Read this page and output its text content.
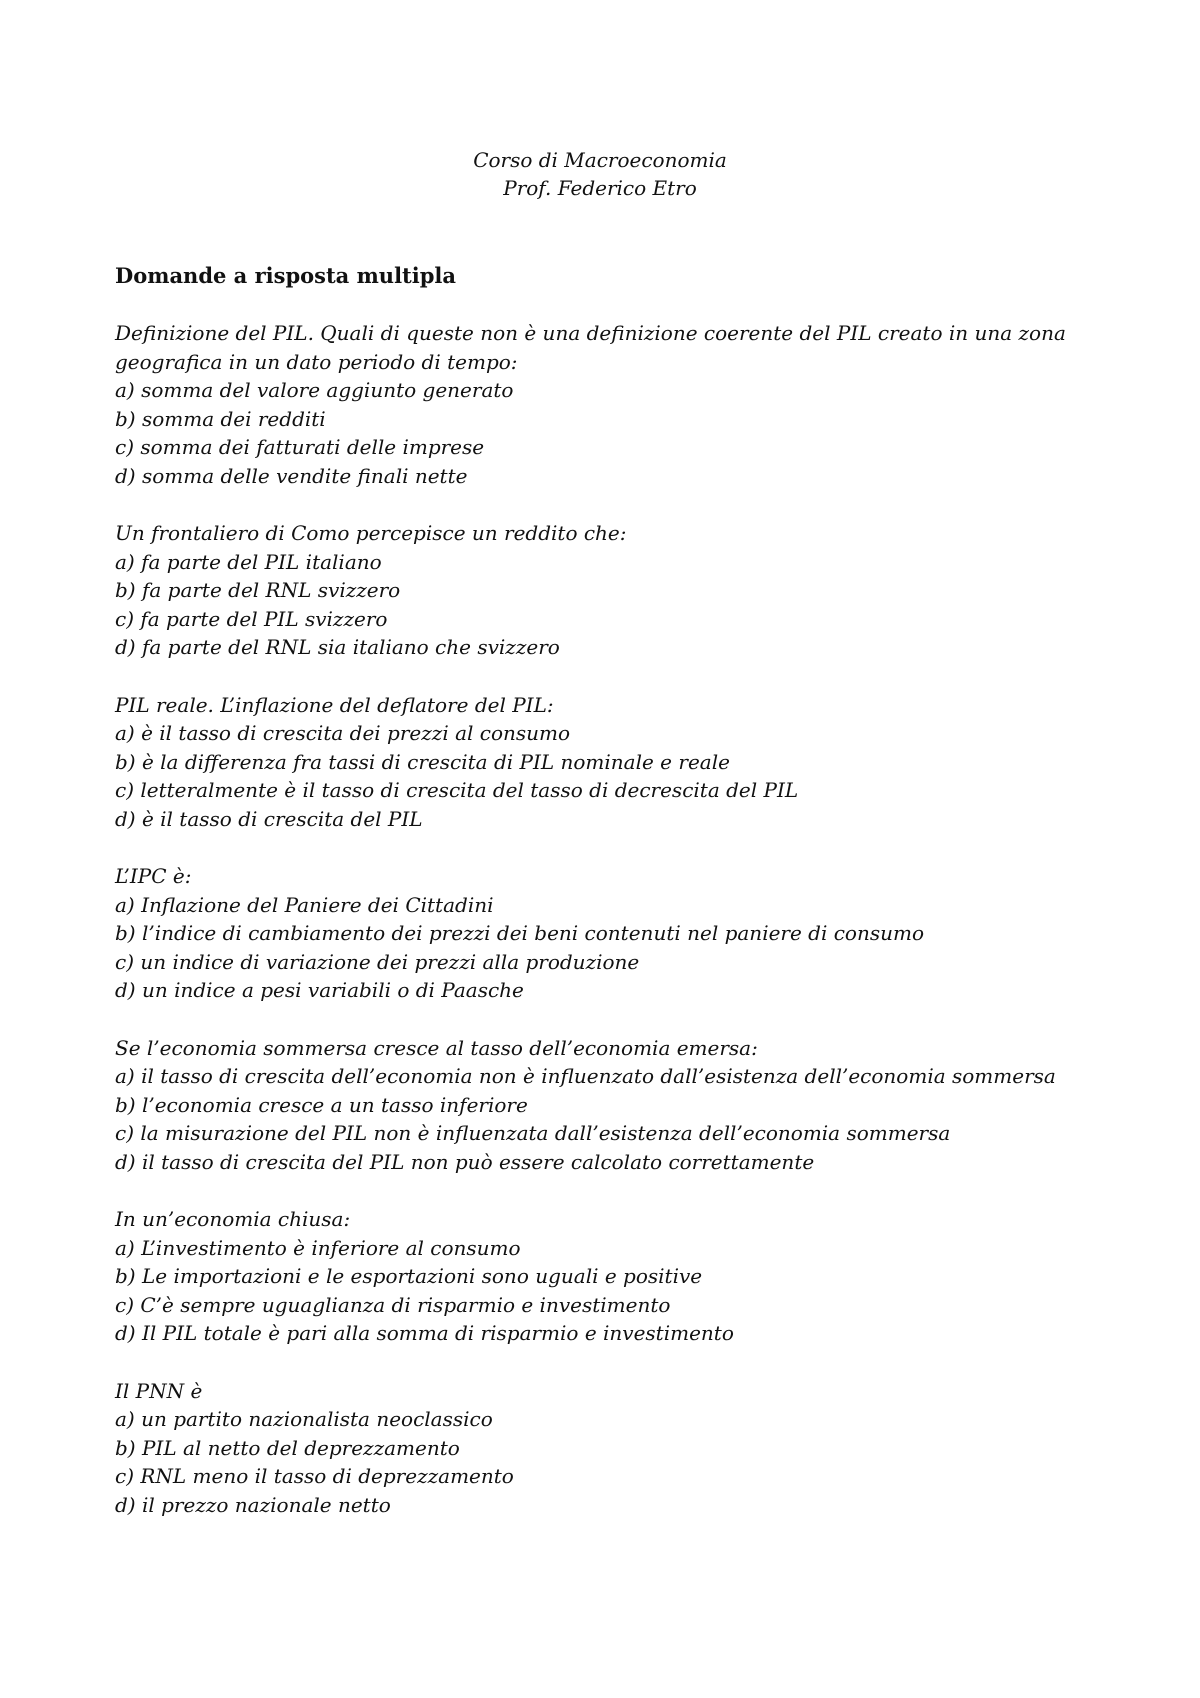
Corso di Macroeconomia
Prof. Federico Etro
Domande a risposta multipla

Definizione del PIL. Quali di queste non è una definizione coerente del PIL creato in una zona geografica in un dato periodo di tempo:

a) somma del valore aggiunto generato
b) somma dei redditi
c) somma dei fatturati delle imprese
d) somma delle vendite finali nette

Un frontaliero di Como percepisce un reddito che:

a) fa parte del PIL italiano
b) fa parte del RNL svizzero
c) fa parte del PIL svizzero
d) fa parte del RNL sia italiano che svizzero

PIL reale. L’inflazione del deflatore del PIL:

a) è il tasso di crescita dei prezzi al consumo
b) è la differenza fra tassi di crescita di PIL nominale e reale
c) letteralmente è il tasso di crescita del tasso di decrescita del PIL
d) è il tasso di crescita del PIL

L’IPC è:

a) Inflazione del Paniere dei Cittadini
b) l’indice di cambiamento dei prezzi dei beni contenuti nel paniere di consumo
c) un indice di variazione dei prezzi alla produzione
d) un indice a pesi variabili o di Paasche

Se l’economia sommersa cresce al tasso dell’economia emersa:

a) il tasso di crescita dell’economia non è influenzato dall’esistenza dell’economia sommersa
b) l’economia cresce a un tasso inferiore
c) la misurazione del PIL non è influenzata dall’esistenza dell’economia sommersa
d) il tasso di crescita del PIL non può essere calcolato correttamente

In un’economia chiusa:

a) L’investimento è inferiore al consumo
b) Le importazioni e le esportazioni sono uguali e positive
c) C’è sempre uguaglianza di risparmio e investimento
d) Il PIL totale è pari alla somma di risparmio e investimento

Il PNN è

a) un partito nazionalista neoclassico
b) PIL al netto del deprezzamento
c) RNL meno il tasso di deprezzamento
d) il prezzo nazionale netto
